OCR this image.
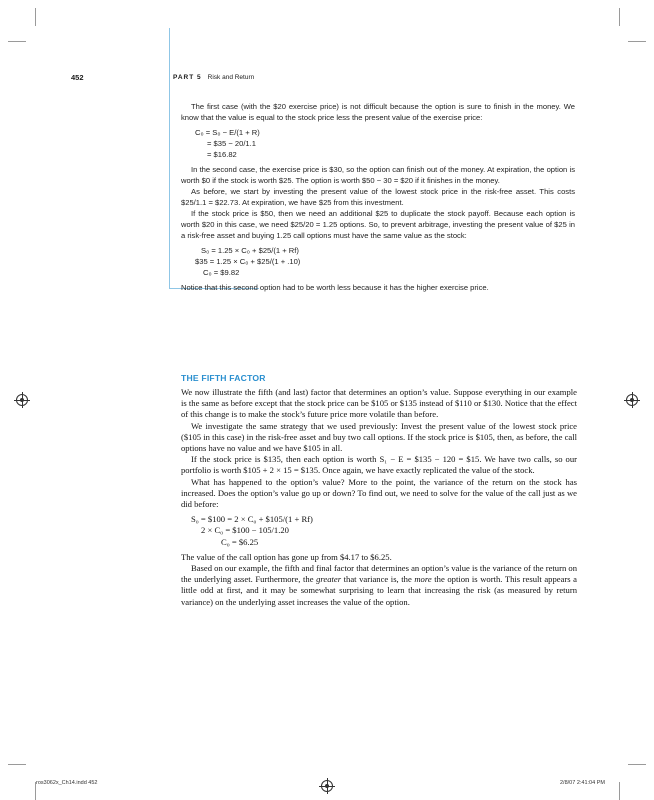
452	PART 5 Risk and Return

The first case (with the $20 exercise price) is not difficult because the option is sure to finish in the money. We know that the value is equal to the stock price less the present value of the exercise price:

C₀ = S₀ − E/(1 + R)
= $35 − 20/1.1
= $16.82

In the second case, the exercise price is $30, so the option can finish out of the money. At expiration, the option is worth $0 if the stock is worth $25. The option is worth $50 − 30 = $20 if it finishes in the money.

As before, we start by investing the present value of the lowest stock price in the risk-free asset. This costs $25/1.1 = $22.73. At expiration, we have $25 from this investment.

If the stock price is $50, then we need an additional $25 to duplicate the stock payoff. Because each option is worth $20 in this case, we need $25/20 = 1.25 options. So, to prevent arbitrage, investing the present value of $25 in a risk-free asset and buying 1.25 call options must have the same value as the stock:

S₀ = 1.25 × C₀ + $25/(1 + Rf)
$35 = 1.25 × C₀ + $25/(1 + .10)
C₀ = $9.82

Notice that this second option had to be worth less because it has the higher exercise price.

THE FIFTH FACTOR

We now illustrate the fifth (and last) factor that determines an option’s value. Suppose everything in our example is the same as before except that the stock price can be $105 or $135 instead of $110 or $130. Notice that the effect of this change is to make the stock’s future price more volatile than before.

We investigate the same strategy that we used previously: Invest the present value of the lowest stock price ($105 in this case) in the risk-free asset and buy two call options. If the stock price is $105, then, as before, the call options have no value and we have $105 in all.

If the stock price is $135, then each option is worth S₁ − E = $135 − 120 = $15. We have two calls, so our portfolio is worth $105 + 2 × 15 = $135. Once again, we have exactly replicated the value of the stock.

What has happened to the option’s value? More to the point, the variance of the return on the stock has increased. Does the option’s value go up or down? To find out, we need to solve for the value of the call just as we did before:

S₀ = $100 = 2 × C₀ + $105/(1 + Rf)
2 × C₀ = $100 − 105/1.20
C₀ = $6.25

The value of the call option has gone up from $4.17 to $6.25.

Based on our example, the fifth and final factor that determines an option’s value is the variance of the return on the underlying asset. Furthermore, the greater that variance is, the more the option is worth. This result appears a little odd at first, and it may be somewhat surprising to learn that increasing the risk (as measured by return variance) on the underlying asset increases the value of the option.

ros3062x_Ch14.indd 452	2/8/07 2:41:04 PM
